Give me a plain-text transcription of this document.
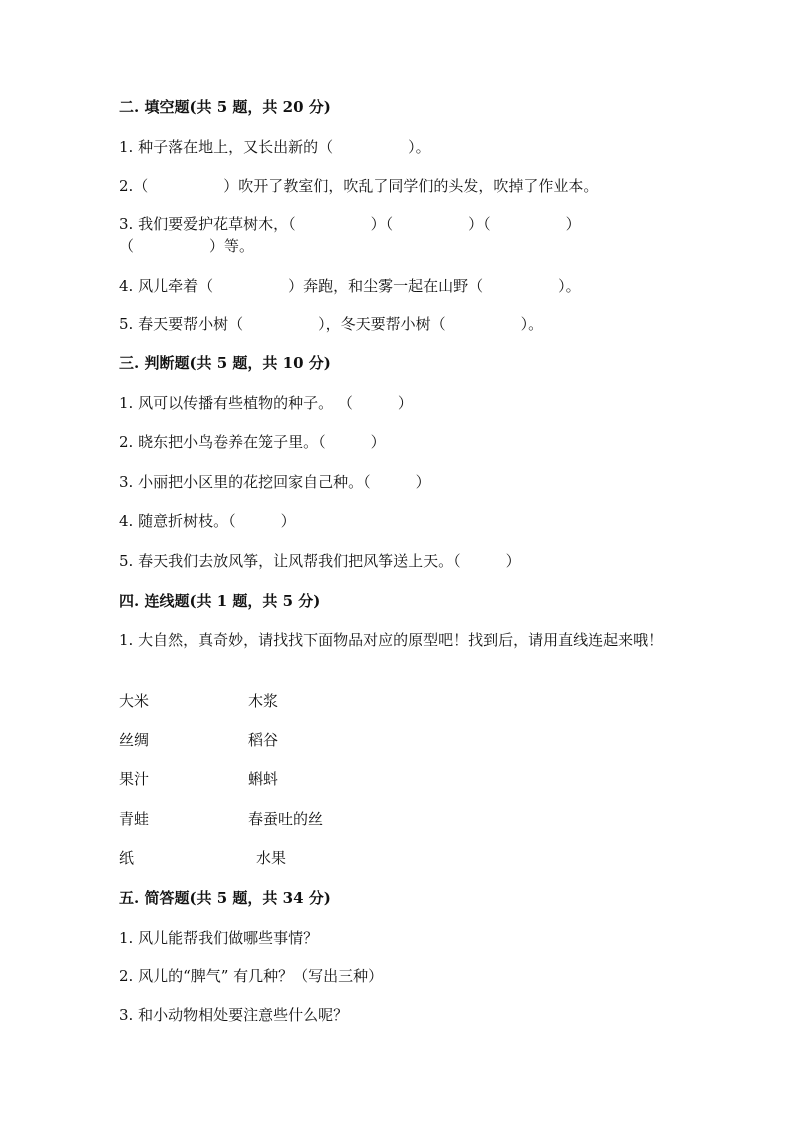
二. 填空题(共 5 题，共 20 分)
1. 种子落在地上，又长出新的（　　　　　）。
2.（　　　　　）吹开了教室们，吹乱了同学们的头发，吹掉了作业本。
3. 我们要爱护花草树木，（　　　　　）（　　　　　）（　　　　　）
（　　　　　）等。
4. 风儿牵着（　　　　　）奔跑，和尘雾一起在山野（　　　　　）。
5. 春天要帮小树（　　　　　），冬天要帮小树（　　　　　）。
三. 判断题(共 5 题，共 10 分)
1. 风可以传播有些植物的种子。 （　　　）
2. 晓东把小鸟卷养在笼子里。（　　　）
3. 小丽把小区里的花挖回家自己种。（　　　）
4. 随意折树枝。（　　　）
5. 春天我们去放风筝，让风帮我们把风筝送上天。（　　　）
四. 连线题(共 1 题，共 5 分)
1. 大自然，真奇妙，请找找下面物品对应的原型吧！找到后，请用直线连起来哦！
大米	木浆
丝绸	稻谷
果汁	蝌蚪
青蛙	春蚕吐的丝
纸	水果
五. 简答题(共 5 题，共 34 分)
1. 风儿能帮我们做哪些事情？
2. 风儿的“脾气” 有几种？（写出三种）
3. 和小动物相处要注意些什么呢？
